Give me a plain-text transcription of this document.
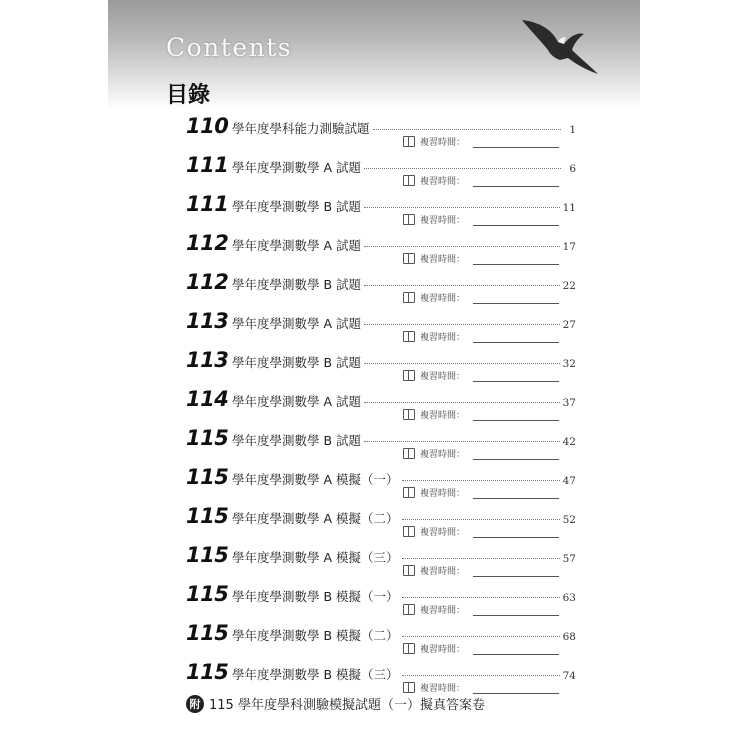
Contents
目錄
110 學年度學科能力測驗試題	1
複習時間：
111 學年度學測數學 A 試題	6
複習時間：
111 學年度學測數學 B 試題	11
複習時間：
112 學年度學測數學 A 試題	17
複習時間：
112 學年度學測數學 B 試題	22
複習時間：
113 學年度學測數學 A 試題	27
複習時間：
113 學年度學測數學 B 試題	32
複習時間：
114 學年度學測數學 A 試題	37
複習時間：
115 學年度學測數學 B 試題	42
複習時間：
115 學年度學測數學 A 模擬（一）	47
複習時間：
115 學年度學測數學 A 模擬（二）	52
複習時間：
115 學年度學測數學 A 模擬（三）	57
複習時間：
115 學年度學測數學 B 模擬（一）	63
複習時間：
115 學年度學測數學 B 模擬（二）	68
複習時間：
115 學年度學測數學 B 模擬（三）	74
複習時間：
附 115 學年度學科測驗模擬試題（一）擬真答案卷
